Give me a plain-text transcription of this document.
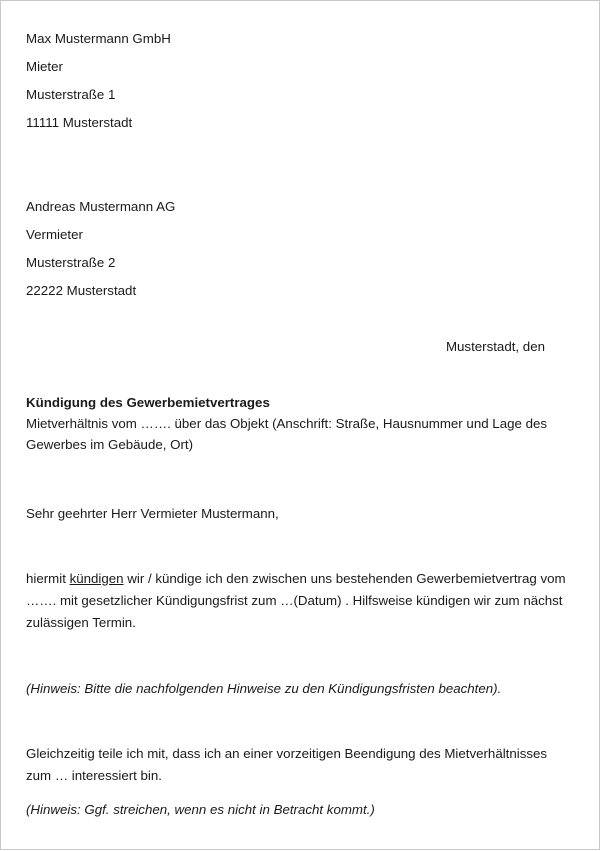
Max Mustermann GmbH
Mieter
Musterstraße 1
11111 Musterstadt
Andreas Mustermann AG
Vermieter
Musterstraße 2
22222 Musterstadt
Musterstadt, den
Kündigung des Gewerbemietvertrages
Mietverhältnis vom ……. über das Objekt (Anschrift: Straße, Hausnummer und Lage des
Gewerbes im Gebäude, Ort)
Sehr geehrter Herr Vermieter Mustermann,
hiermit kündigen wir / kündige ich den zwischen uns bestehenden Gewerbemietvertrag vom
……. mit gesetzlicher Kündigungsfrist zum …(Datum) . Hilfsweise kündigen wir zum nächst
zulässigen Termin.
(Hinweis: Bitte die nachfolgenden Hinweise zu den Kündigungsfristen beachten).
Gleichzeitig teile ich mit, dass ich an einer vorzeitigen Beendigung des Mietverhältnisses
zum … interessiert bin.
(Hinweis: Ggf. streichen, wenn es nicht in Betracht kommt.)
